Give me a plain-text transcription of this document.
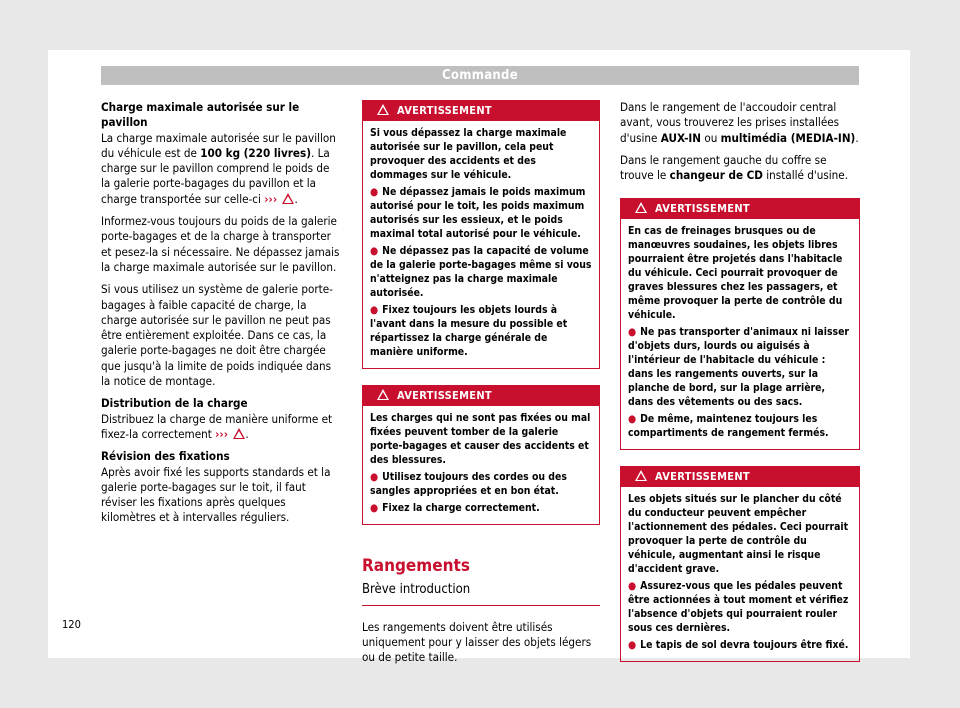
Commande

Charge maximale autorisée sur le pavillon

La charge maximale autorisée sur le pavillon du véhicule est de 100 kg (220 livres). La charge sur le pavillon comprend le poids de la galerie porte-bagages du pavillon et la charge transportée sur celle-ci ››› .

Informez-vous toujours du poids de la galerie porte-bagages et de la charge à transporter et pesez-la si nécessaire. Ne dépassez jamais la charge maximale autorisée sur le pavillon.

Si vous utilisez un système de galerie porte-bagages à faible capacité de charge, la charge autorisée sur le pavillon ne peut pas être entièrement exploitée. Dans ce cas, la galerie porte-bagages ne doit être chargée que jusqu'à la limite de poids indiquée dans la notice de montage.

Distribution de la charge

Distribuez la charge de manière uniforme et fixez-la correctement ››› .

Révision des fixations

Après avoir fixé les supports standards et la galerie porte-bagages sur le toit, il faut réviser les fixations après quelques kilomètres et à intervalles réguliers.

AVERTISSEMENT

Si vous dépassez la charge maximale autorisée sur le pavillon, cela peut provoquer des accidents et des dommages sur le véhicule.

● Ne dépassez jamais le poids maximum autorisé pour le toit, les poids maximum autorisés sur les essieux, et le poids maximal total autorisé pour le véhicule.
● Ne dépassez pas la capacité de volume de la galerie porte-bagages même si vous n'atteignez pas la charge maximale autorisée.
● Fixez toujours les objets lourds à l'avant dans la mesure du possible et répartissez la charge générale de manière uniforme.
AVERTISSEMENT

Les charges qui ne sont pas fixées ou mal fixées peuvent tomber de la galerie porte-bagages et causer des accidents et des blessures.

● Utilisez toujours des cordes ou des sangles appropriées et en bon état.
● Fixez la charge correctement.

Rangements

Brève introduction

Les rangements doivent être utilisés uniquement pour y laisser des objets légers ou de petite taille.

Dans le rangement de l'accoudoir central avant, vous trouverez les prises installées d'usine AUX-IN ou multimédia (MEDIA-IN).

Dans le rangement gauche du coffre se trouve le changeur de CD installé d'usine.

AVERTISSEMENT

En cas de freinages brusques ou de manœuvres soudaines, les objets libres pourraient être projetés dans l'habitacle du véhicule. Ceci pourrait provoquer de graves blessures chez les passagers, et même provoquer la perte de contrôle du véhicule.

● Ne pas transporter d'animaux ni laisser d'objets durs, lourds ou aiguisés à l'intérieur de l'habitacle du véhicule : dans les rangements ouverts, sur la planche de bord, sur la plage arrière, dans des vêtements ou des sacs.
● De même, maintenez toujours les compartiments de rangement fermés.
AVERTISSEMENT

Les objets situés sur le plancher du côté du conducteur peuvent empêcher l'actionnement des pédales. Ceci pourrait provoquer la perte de contrôle du véhicule, augmentant ainsi le risque d'accident grave.

● Assurez-vous que les pédales peuvent être actionnées à tout moment et vérifiez l'absence d'objets qui pourraient rouler sous ces dernières.
● Le tapis de sol devra toujours être fixé.
120
